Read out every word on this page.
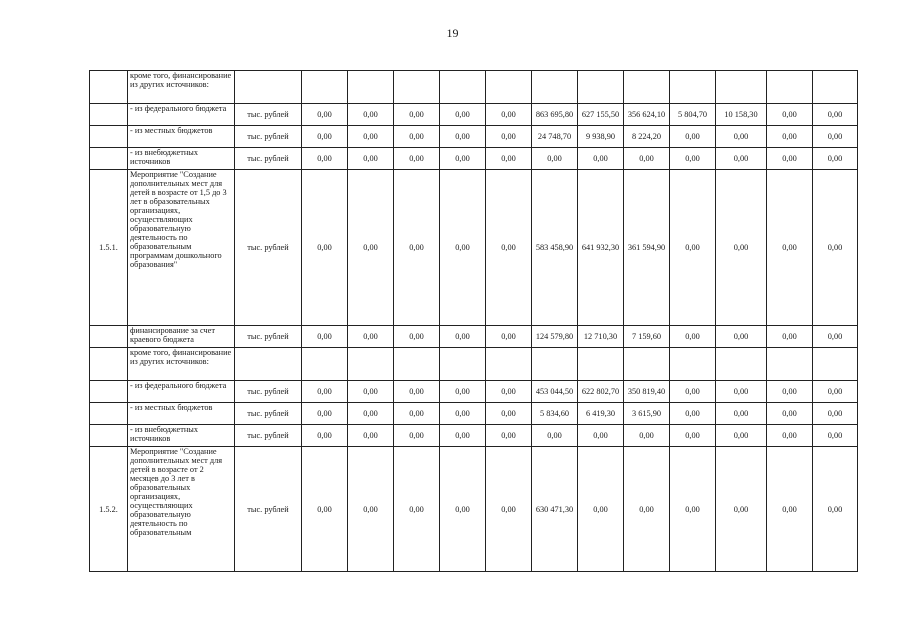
19
	кроме того, финансирование из других источников:													
	- из федерального бюджета	тыс. рублей	0,00	0,00	0,00	0,00	0,00	863 695,80	627 155,50	356 624,10	5 804,70	10 158,30	0,00	0,00
	- из местных бюджетов	тыс. рублей	0,00	0,00	0,00	0,00	0,00	24 748,70	9 938,90	8 224,20	0,00	0,00	0,00	0,00
	- из внебюджетных источников	тыс. рублей	0,00	0,00	0,00	0,00	0,00	0,00	0,00	0,00	0,00	0,00	0,00	0,00
1.5.1.	Мероприятие "Создание дополнительных мест для детей в возрасте от 1,5 до 3 лет в образовательных организациях, осуществляющих образовательную деятельность по образовательным программам дошкольного образования"	тыс. рублей	0,00	0,00	0,00	0,00	0,00	583 458,90	641 932,30	361 594,90	0,00	0,00	0,00	0,00
	финансирование за счет краевого бюджета	тыс. рублей	0,00	0,00	0,00	0,00	0,00	124 579,80	12 710,30	7 159,60	0,00	0,00	0,00	0,00
	кроме того, финансирование из других источников:													
	- из федерального бюджета	тыс. рублей	0,00	0,00	0,00	0,00	0,00	453 044,50	622 802,70	350 819,40	0,00	0,00	0,00	0,00
	- из местных бюджетов	тыс. рублей	0,00	0,00	0,00	0,00	0,00	5 834,60	6 419,30	3 615,90	0,00	0,00	0,00	0,00
	- из внебюджетных источников	тыс. рублей	0,00	0,00	0,00	0,00	0,00	0,00	0,00	0,00	0,00	0,00	0,00	0,00
1.5.2.	Мероприятие "Создание дополнительных мест для детей в возрасте от 2 месяцев до 3 лет в образовательных организациях, осуществляющих образовательную деятельность по образовательным	тыс. рублей	0,00	0,00	0,00	0,00	0,00	630 471,30	0,00	0,00	0,00	0,00	0,00	0,00
